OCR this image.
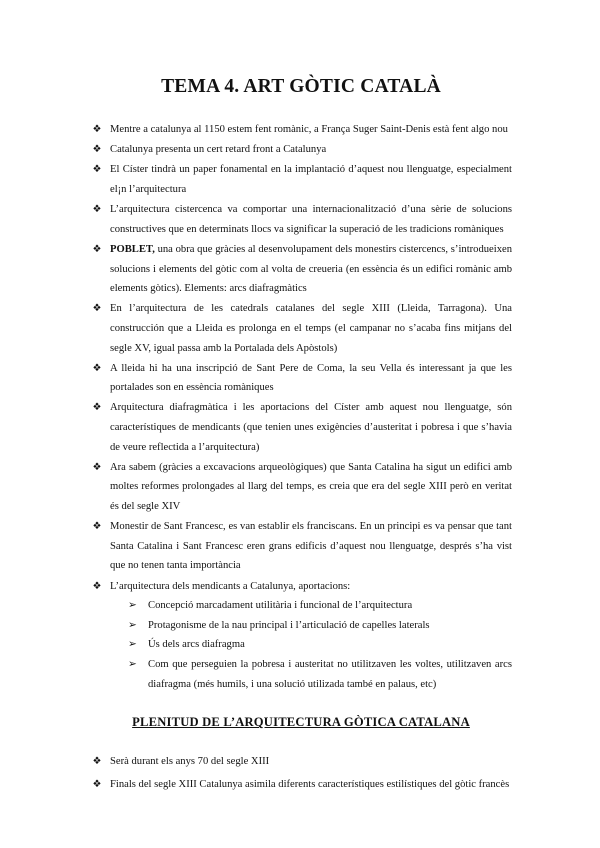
TEMA 4. ART GÒTIC CATALÀ
❖ Mentre a catalunya al 1150 estem fent romànic, a França Suger Saint-Denis està fent algo nou
❖ Catalunya presenta un cert retard front a Catalunya
❖ El Císter tindrà un paper fonamental en la implantació d’aquest nou llenguatge, especialment el¡n l’arquitectura
❖ L’arquitectura cistercenca va comportar una internacionalització d’una sèrie de solucions constructives que en determinats llocs va significar la superació de les tradicions romàniques
❖ POBLET, una obra que gràcies al desenvolupament dels monestirs cistercencs, s’introdueixen solucions i elements del gòtic com al volta de creueria (en essència és un edifici romànic amb elements gòtics). Elements: arcs diafragmàtics
❖ En l’arquitectura de les catedrals catalanes del segle XIII (Lleida, Tarragona). Una construcción que a Lleida es prolonga en el temps (el campanar no s’acaba fins mitjans del segle XV, igual passa amb la Portalada dels Apòstols)
❖ A lleida hi ha una inscripció de Sant Pere de Coma, la seu Vella és interessant ja que les portalades son en essència romàniques
❖ Arquitectura diafragmàtica i les aportacions del Císter amb aquest nou llenguatge, són característiques de mendicants (que tenien unes exigències d’austeritat i pobresa i que s’havia de veure reflectida a l’arquitectura)
❖ Ara sabem (gràcies a excavacions arqueològiques) que Santa Catalina ha sigut un edifici amb moltes reformes prolongades al llarg del temps, es creia que era del segle XIII però en veritat és del segle XIV
❖ Monestir de Sant Francesc, es van establir els franciscans. En un principi es va pensar que tant Santa Catalina i Sant Francesc eren grans edificis d’aquest nou llenguatge, després s’ha vist que no tenen tanta importància
❖ L’arquitectura dels mendicants a Catalunya, aportacions:
➢ Concepció marcadament utilitària i funcional de l’arquitectura
➢ Protagonisme de la nau principal i l’articulació de capelles laterals
➢ Ús dels arcs diafragma
➢ Com que perseguien la pobresa i austeritat no utilitzaven les voltes, utilitzaven arcs diafragma (més humils, i una solució utilizada també en palaus, etc)
PLENITUD DE L’ARQUITECTURA GÒTICA CATALANA
❖ Serà durant els anys 70 del segle XIII
❖ Finals del segle XIII Catalunya asimila diferents característiques estilístiques del gòtic francès
